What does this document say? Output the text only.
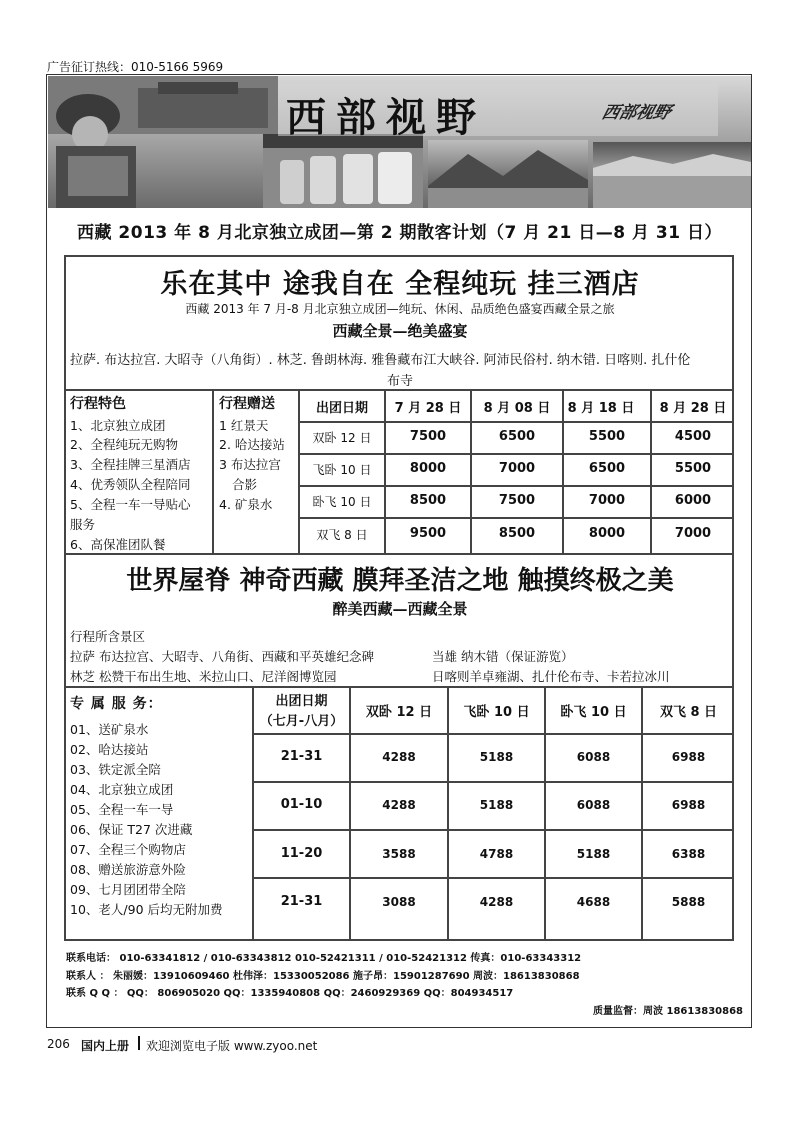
广告征订热线：010-5166 5969
西部视野	西部视野
西藏 2013 年 8 月北京独立成团—第 2 期散客计划（7 月 21 日—8 月 31 日）
乐在其中 途我自在 全程纯玩 挂三酒店
西藏 2013 年 7 月-8 月北京独立成团—纯玩、休闲、品质绝色盛宴西藏全景之旅
西藏全景—绝美盛宴
拉萨. 布达拉宫. 大昭寺（八角街）. 林芝. 鲁朗林海. 雅鲁藏布江大峡谷. 阿沛民俗村. 纳木错. 日喀则. 扎什伦
布寺
行程特色
1、北京独立成团
2、全程纯玩无购物
3、全程挂牌三星酒店
4、优秀领队全程陪同
5、全程一车一导贴心
服务
6、高保准团队餐
行程赠送
1 红景天
2. 哈达接站
3 布达拉宫
合影
4. 矿泉水
出团日期	7 月 28 日	8 月 08 日	8 月 18 日	8 月 28 日
双卧 12 日	7500	6500	5500	4500
飞卧 10 日	8000	7000	6500	5500
卧飞 10 日	8500	7500	7000	6000
双飞 8 日	9500	8500	8000	7000
世界屋脊 神奇西藏 膜拜圣洁之地 触摸终极之美
醉美西藏—西藏全景
行程所含景区
拉萨 布达拉宫、大昭寺、八角街、西藏和平英雄纪念碑	当雄 纳木错（保证游览）
林芝 松赞干布出生地、米拉山口、尼洋阁博览园	日喀则羊卓雍湖、扎什伦布寺、卡若拉冰川
专 属 服 务：
01、送矿泉水
02、哈达接站
03、铁定派全陪
04、北京独立成团
05、全程一车一导
06、保证 T27 次进藏
07、全程三个购物店
08、赠送旅游意外险
09、七月团团带全陪
10、老人/90 后均无附加费
出团日期
（七月-八月）
双卧 12 日	飞卧 10 日	卧飞 10 日	双飞 8 日
21-31	4288	5188	6088	6988
01-10	4288	5188	6088	6988
11-20	3588	4788	5188	6388
21-31	3088	4288	4688	5888
联系电话： 010-63341812 / 010-63343812 010-52421311 / 010-52421312 传真：010-63343312
联系人 ： 朱丽媛：13910609460 杜伟泽：15330052086 施子昂：15901287690 周波：18613830868
联系 Q Q ： QQ： 806905020 QQ：1335940808 QQ：2460929369 QQ：804934517
质量监督：周波 18613830868
206 国内上册 欢迎浏览电子版 www.zyoo.net
